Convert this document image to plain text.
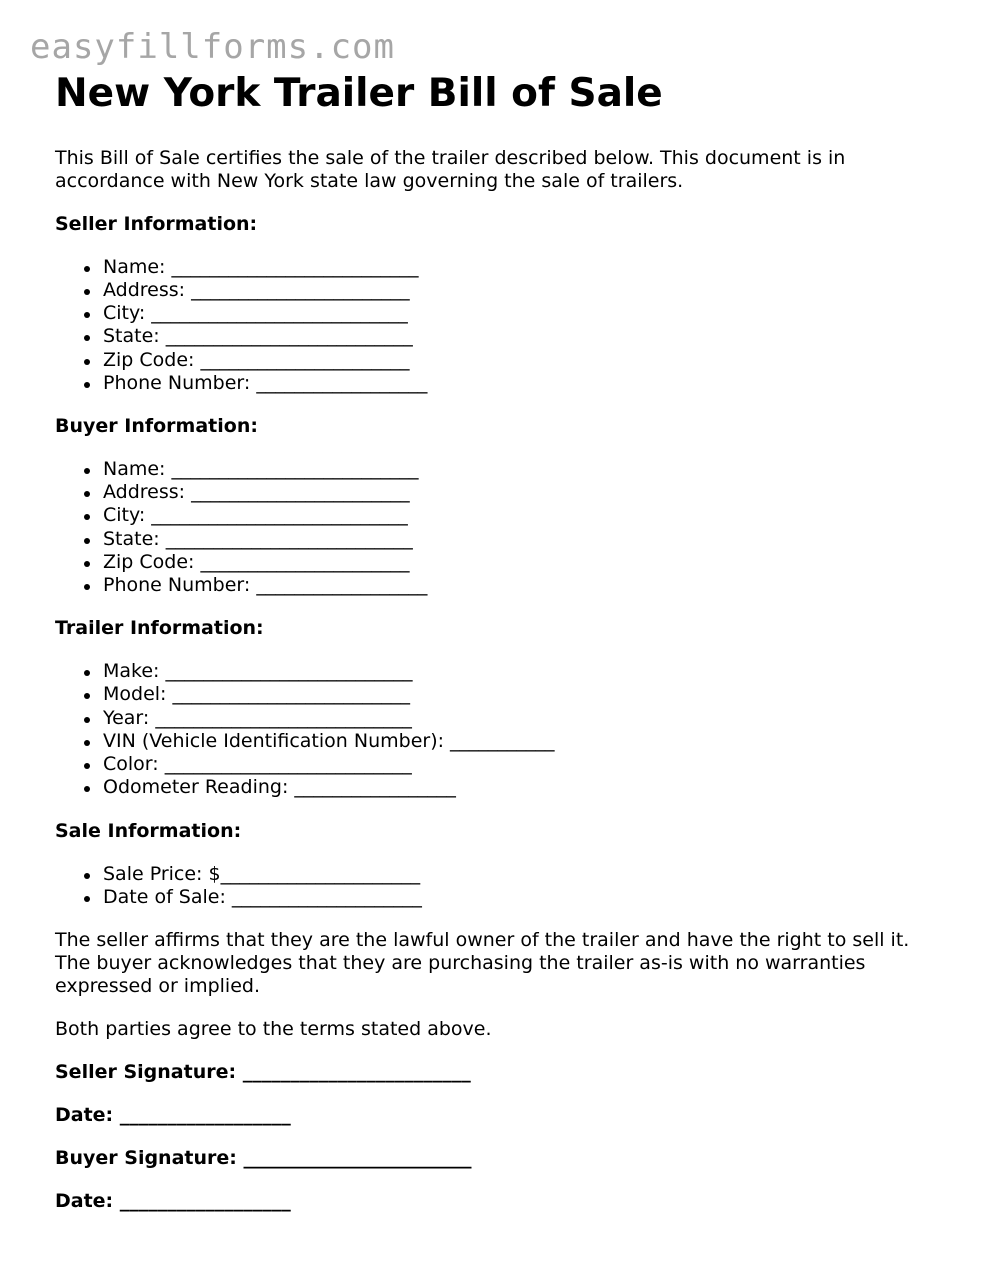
easyfillforms.com
New York Trailer Bill of Sale

This Bill of Sale certifies the sale of the trailer described below. This document is in accordance with New York state law governing the sale of trailers.

Seller Information:
Name: __________________________
Address: _______________________
City: ___________________________
State: __________________________
Zip Code: ______________________
Phone Number: __________________
Buyer Information:
Name: __________________________
Address: _______________________
City: ___________________________
State: __________________________
Zip Code: ______________________
Phone Number: __________________
Trailer Information:
Make: __________________________
Model: _________________________
Year: ___________________________
VIN (Vehicle Identification Number): ___________
Color: __________________________
Odometer Reading: _________________
Sale Information:
Sale Price: $_____________________
Date of Sale: ____________________

The seller affirms that they are the lawful owner of the trailer and have the right to sell it. The buyer acknowledges that they are purchasing the trailer as-is with no warranties expressed or implied.

Both parties agree to the terms stated above.

Seller Signature: ________________________
Date: __________________
Buyer Signature: ________________________
Date: __________________
